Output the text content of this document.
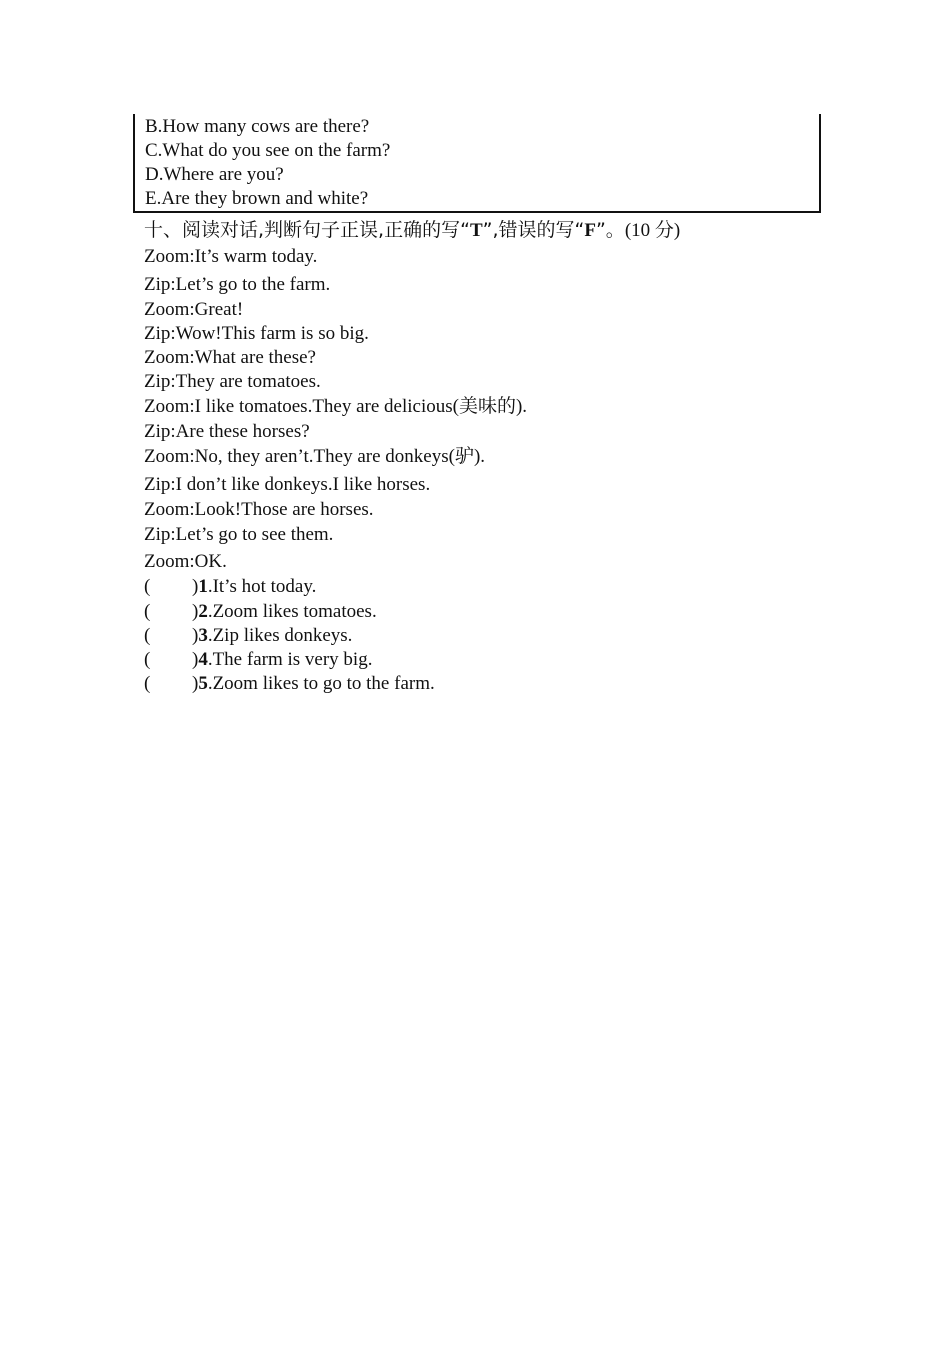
B.How many cows are there?
C.What do you see on the farm?
D.Where are you?
E.Are they brown and white?
十、阅读对话,判断句子正误,正确的写“T”,错误的写“F”。(10 分)
Zoom:It’s warm today.
Zip:Let’s go to the farm.
Zoom:Great!
Zip:Wow!This farm is so big.
Zoom:What are these?
Zip:They are tomatoes.
Zoom:I like tomatoes.They are delicious(美味的).
Zip:Are these horses?
Zoom:No, they aren’t.They are donkeys(驴).
Zip:I don’t like donkeys.I like horses.
Zoom:Look!Those are horses.
Zip:Let’s go to see them.
Zoom:OK.
( )1.It’s hot today.
( )2.Zoom likes tomatoes.
( )3.Zip likes donkeys.
( )4.The farm is very big.
( )5.Zoom likes to go to the farm.
